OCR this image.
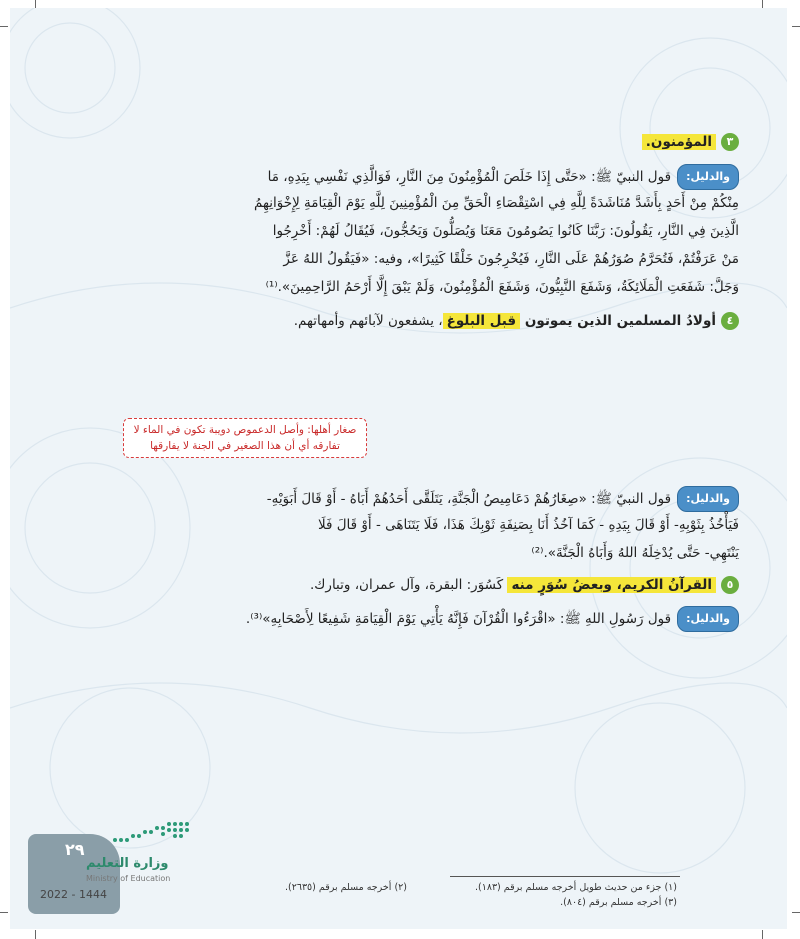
٣المؤمنون.
والدليل:قول النبيّ ﷺ: «حَتَّى إِذَا خَلَصَ الْمُؤْمِنُونَ مِنَ النَّارِ، فَوَالَّذِي نَفْسِي بِيَدِهِ، مَا
مِنْكُمْ مِنْ أَحَدٍ بِأَشَدَّ مُنَاشَدَةً لِلَّهِ فِي اسْتِقْصَاءِ الْحَقِّ مِنَ الْمُؤْمِنِينَ لِلَّهِ يَوْمَ الْقِيَامَةِ لِإِخْوَانِهِمُ
الَّذِينَ فِي النَّارِ، يَقُولُونَ: رَبَّنَا كَانُوا يَصُومُونَ مَعَنَا وَيُصَلُّونَ وَيَحُجُّونَ، فَيُقَالُ لَهُمْ: أَخْرِجُوا
مَنْ عَرَفْتُمْ، فَتُحَرَّمُ صُوَرُهُمْ عَلَى النَّارِ، فَيُخْرِجُونَ خَلْقًا كَثِيرًا»، وفيه: «فَيَقُولُ اللهُ عَزَّ
وَجَلَّ: شَفَعَتِ الْمَلَائِكَةُ، وَشَفَعَ النَّبِيُّونَ، وَشَفَعَ الْمُؤْمِنُونَ، وَلَمْ يَبْقَ إِلَّا أَرْحَمُ الرَّاحِمِينَ».⁽¹⁾
٤أولادُ المسلمين الذين يموتون قبل البلوغ، يشفعون لآبائهم وأمهاتهم.
صغار أهلها: وأصل الدعموص دويبة تكون في الماء لا
تفارقه أي أن هذا الصغير في الجنة لا يفارقها
والدليل:قول النبيّ ﷺ: «صِغَارُهُمْ دَعَامِيصُ الْجَنَّةِ، يَتَلَقَّى أَحَدُهُمْ أَبَاهُ - أَوْ قَالَ أَبَوَيْهِ-
فَيَأْخُذُ بِثَوْبِهِ- أَوْ قَالَ بِيَدِهِ - كَمَا آخُذُ أَنَا بِصَنِفَةِ ثَوْبِكَ هَذَا، فَلَا يَتَنَاهَى - أَوْ قَالَ فَلَا
يَنْتَهِي- حَتَّى يُدْخِلَهُ اللهُ وَأَبَاهُ الْجَنَّةَ».⁽²⁾
٥القرآنُ الكريم، وبعضُ سُوَرٍ منه كَسُوَر: البقرة، وآل عمران، وتبارك.
والدليل:قول رَسُولِ اللهِ ﷺ: «اقْرَءُوا الْقُرْآنَ فَإِنَّهُ يَأْتِي يَوْمَ الْقِيَامَةِ شَفِيعًا لِأَصْحَابِهِ»⁽³⁾.
(١) جزء من حديث طويل أخرجه مسلم برقم (١٨٣).
(٣) أخرجه مسلم برقم (٨٠٤).
(٢) أخرجه مسلم برقم (٢٦٣٥).
٢٩
وزارة التعليم
Ministry of Education
2022 - 1444
